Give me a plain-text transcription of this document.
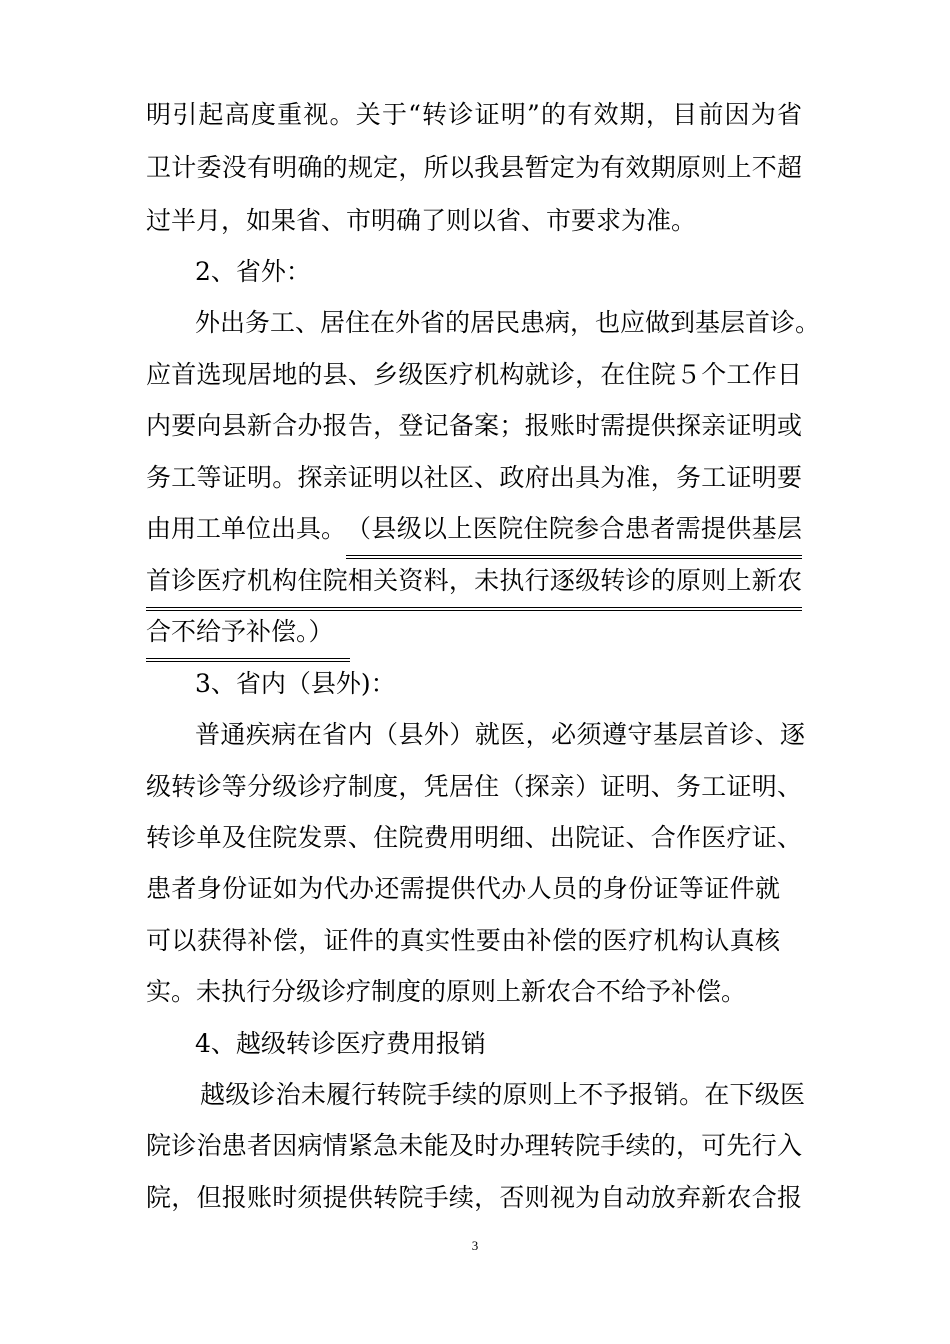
明引起高度重视。关于“转诊证明”的有效期，目前因为省
卫计委没有明确的规定，所以我县暂定为有效期原则上不超
过半月，如果省、市明确了则以省、市要求为准。
2、省外：
外出务工、居住在外省的居民患病，也应做到基层首诊。
应首选现居地的县、乡级医疗机构就诊，在住院５个工作日
内要向县新合办报告，登记备案；报账时需提供探亲证明或
务工等证明。探亲证明以社区、政府出具为准，务工证明要
由用工单位出具。 （县级以上医院住院参合患者需提供基层
首诊医疗机构住院相关资料，未执行逐级转诊的原则上新农
合不给予补偿。）
3、省内（县外)：
普通疾病在省内（县外）就医，必须遵守基层首诊、逐
级转诊等分级诊疗制度，凭居住（探亲）证明、务工证明、
转诊单及住院发票、住院费用明细、出院证、合作医疗证、
患者身份证如为代办还需提供代办人员的身份证等证件就
可以获得补偿，证件的真实性要由补偿的医疗机构认真核
实。未执行分级诊疗制度的原则上新农合不给予补偿。
4、越级转诊医疗费用报销
越级诊治未履行转院手续的原则上不予报销。在下级医
院诊治患者因病情紧急未能及时办理转院手续的，可先行入
院，但报账时须提供转院手续，否则视为自动放弃新农合报
3
